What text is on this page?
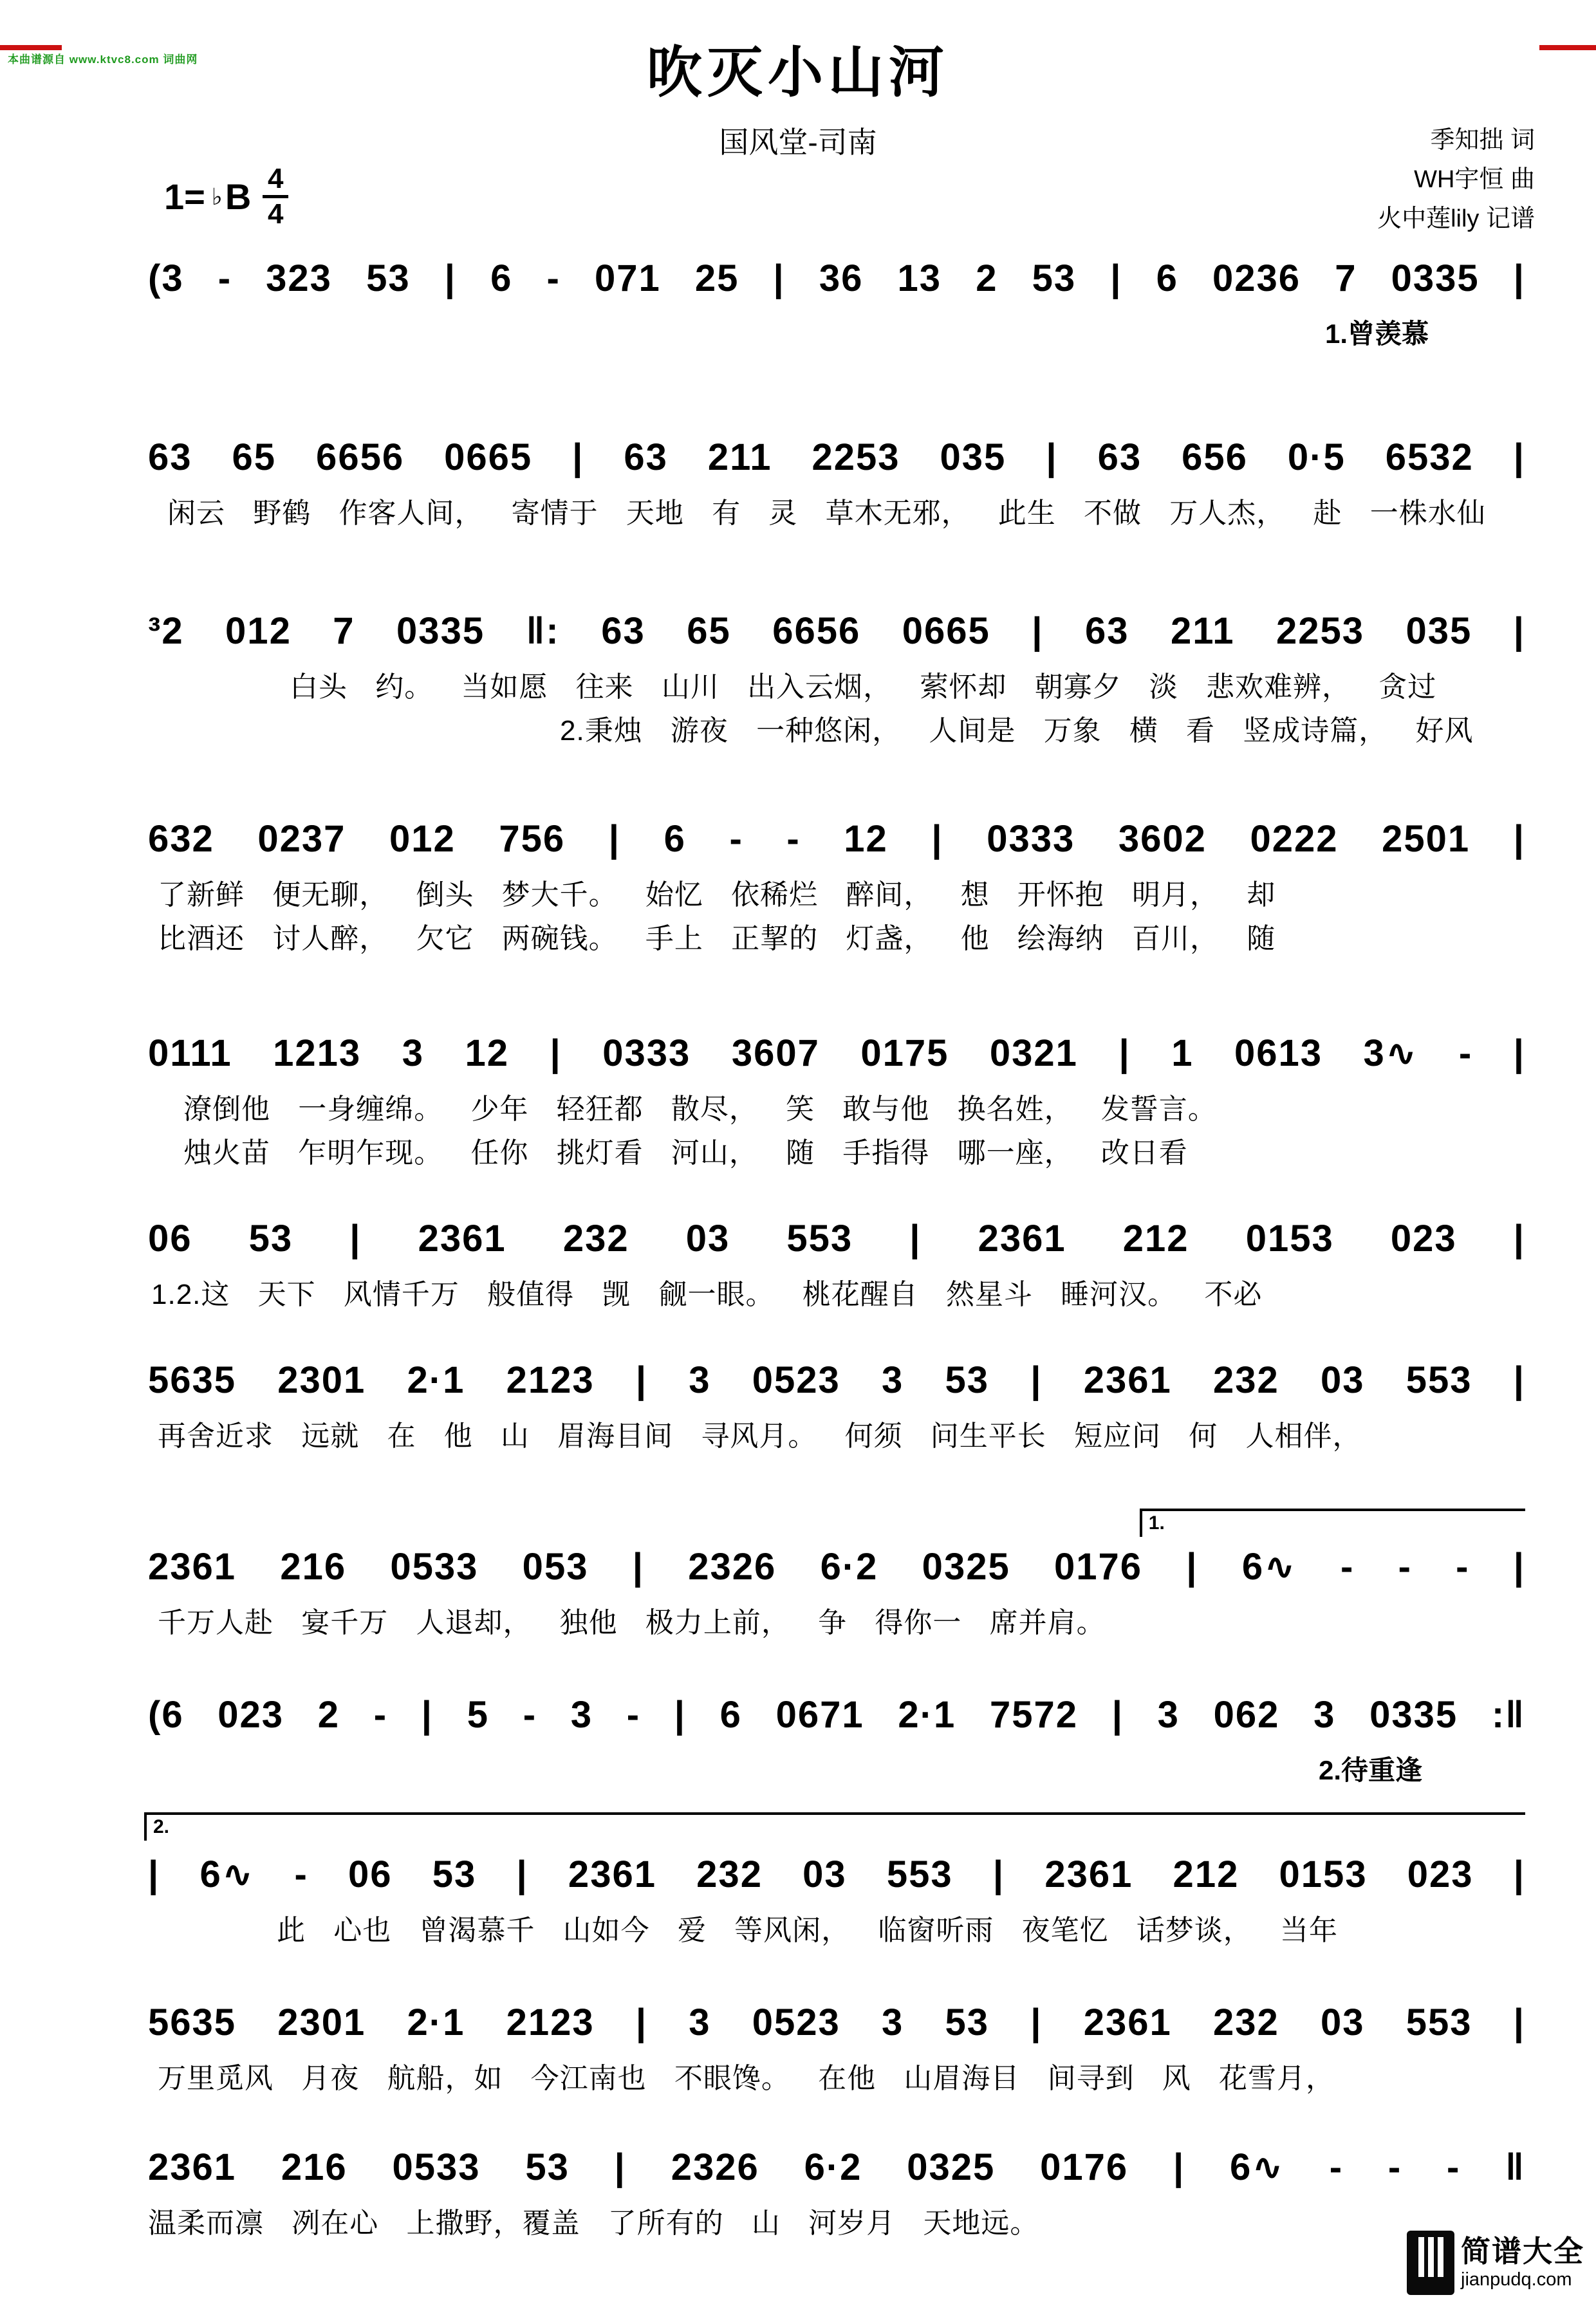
本曲谱源自 www.ktvc8.com 词曲网	吹灭小山河
国风堂-司南	季知拙 词
WH宇恒 曲
火中莲lily 记谱
1= ♭ B 4
4
(3 - 323 53 | 6 - 071 25 | 36 13 2 53 | 6 0236 7 0335 |
1.曾羡慕
63 65 6656 0665 | 63 211 2253 035 | 63 656 0·5 6532 |
闲云 野鹤 作客人间， 寄情于 天地 有 灵 草木无邪， 此生 不做 万人杰， 赴 一株水仙
³2 012 7 0335 ‖: 63 65 6656 0665 | 63 211 2253 035 |
白头 约。 当如愿 往来 山川 出入云烟， 萦怀却 朝寡夕 淡 悲欢难辨， 贪过
2.秉烛 游夜 一种悠闲， 人间是 万象 横 看 竖成诗篇， 好风
632 0237 012 756 | 6 - - 12 | 0333 3602 0222 2501 |
了新鲜 便无聊， 倒头 梦大千。 始忆 依稀烂 醉间， 想 开怀抱 明月， 却
比酒还 讨人醉， 欠它 两碗钱。 手上 正挈的 灯盏， 他 绘海纳 百川， 随
0111 1213 3 12 | 0333 3607 0175 0321 | 1 0613 3∿ - |
潦倒他 一身缠绵。 少年 轻狂都 散尽， 笑 敢与他 换名姓， 发誓言。
烛火苗 乍明乍现。 任你 挑灯看 河山， 随 手指得 哪一座， 改日看
06 53 | 2361 232 03 553 | 2361 212 0153 023 |
1.2.这 天下 风情千万 般值得 觊 觎一眼。 桃花醒自 然星斗 睡河汉。 不必
5635 2301 2·1 2123 | 3 0523 3 53 | 2361 232 03 553 |
再舍近求 远就 在 他 山 眉海目间 寻风月。 何须 问生平长 短应问 何 人相伴，
1.
2361 216 0533 053 | 2326 6·2 0325 0176 | 6∿ - - - |
千万人赴 宴千万 人退却， 独他 极力上前， 争 得你一 席并肩。
(6 023 2 - | 5 - 3 - | 6 0671 2·1 7572 | 3 062 3 0335 :‖
2.待重逢
2.
| 6∿ - 06 53 | 2361 232 03 553 | 2361 212 0153 023 |
此 心也 曾渴慕千 山如今 爱 等风闲， 临窗听雨 夜笔忆 话梦谈， 当年
5635 2301 2·1 2123 | 3 0523 3 53 | 2361 232 03 553 |
万里觅风 月夜 航船，如 今江南也 不眼馋。 在他 山眉海目 间寻到 风 花雪月，
2361 216 0533 53 | 2326 6·2 0325 0176 | 6∿ - - - ‖
温柔而凛 冽在心 上撒野，覆盖 了所有的 山 河岁月 天地远。
简谱大全
jianpudq.com
